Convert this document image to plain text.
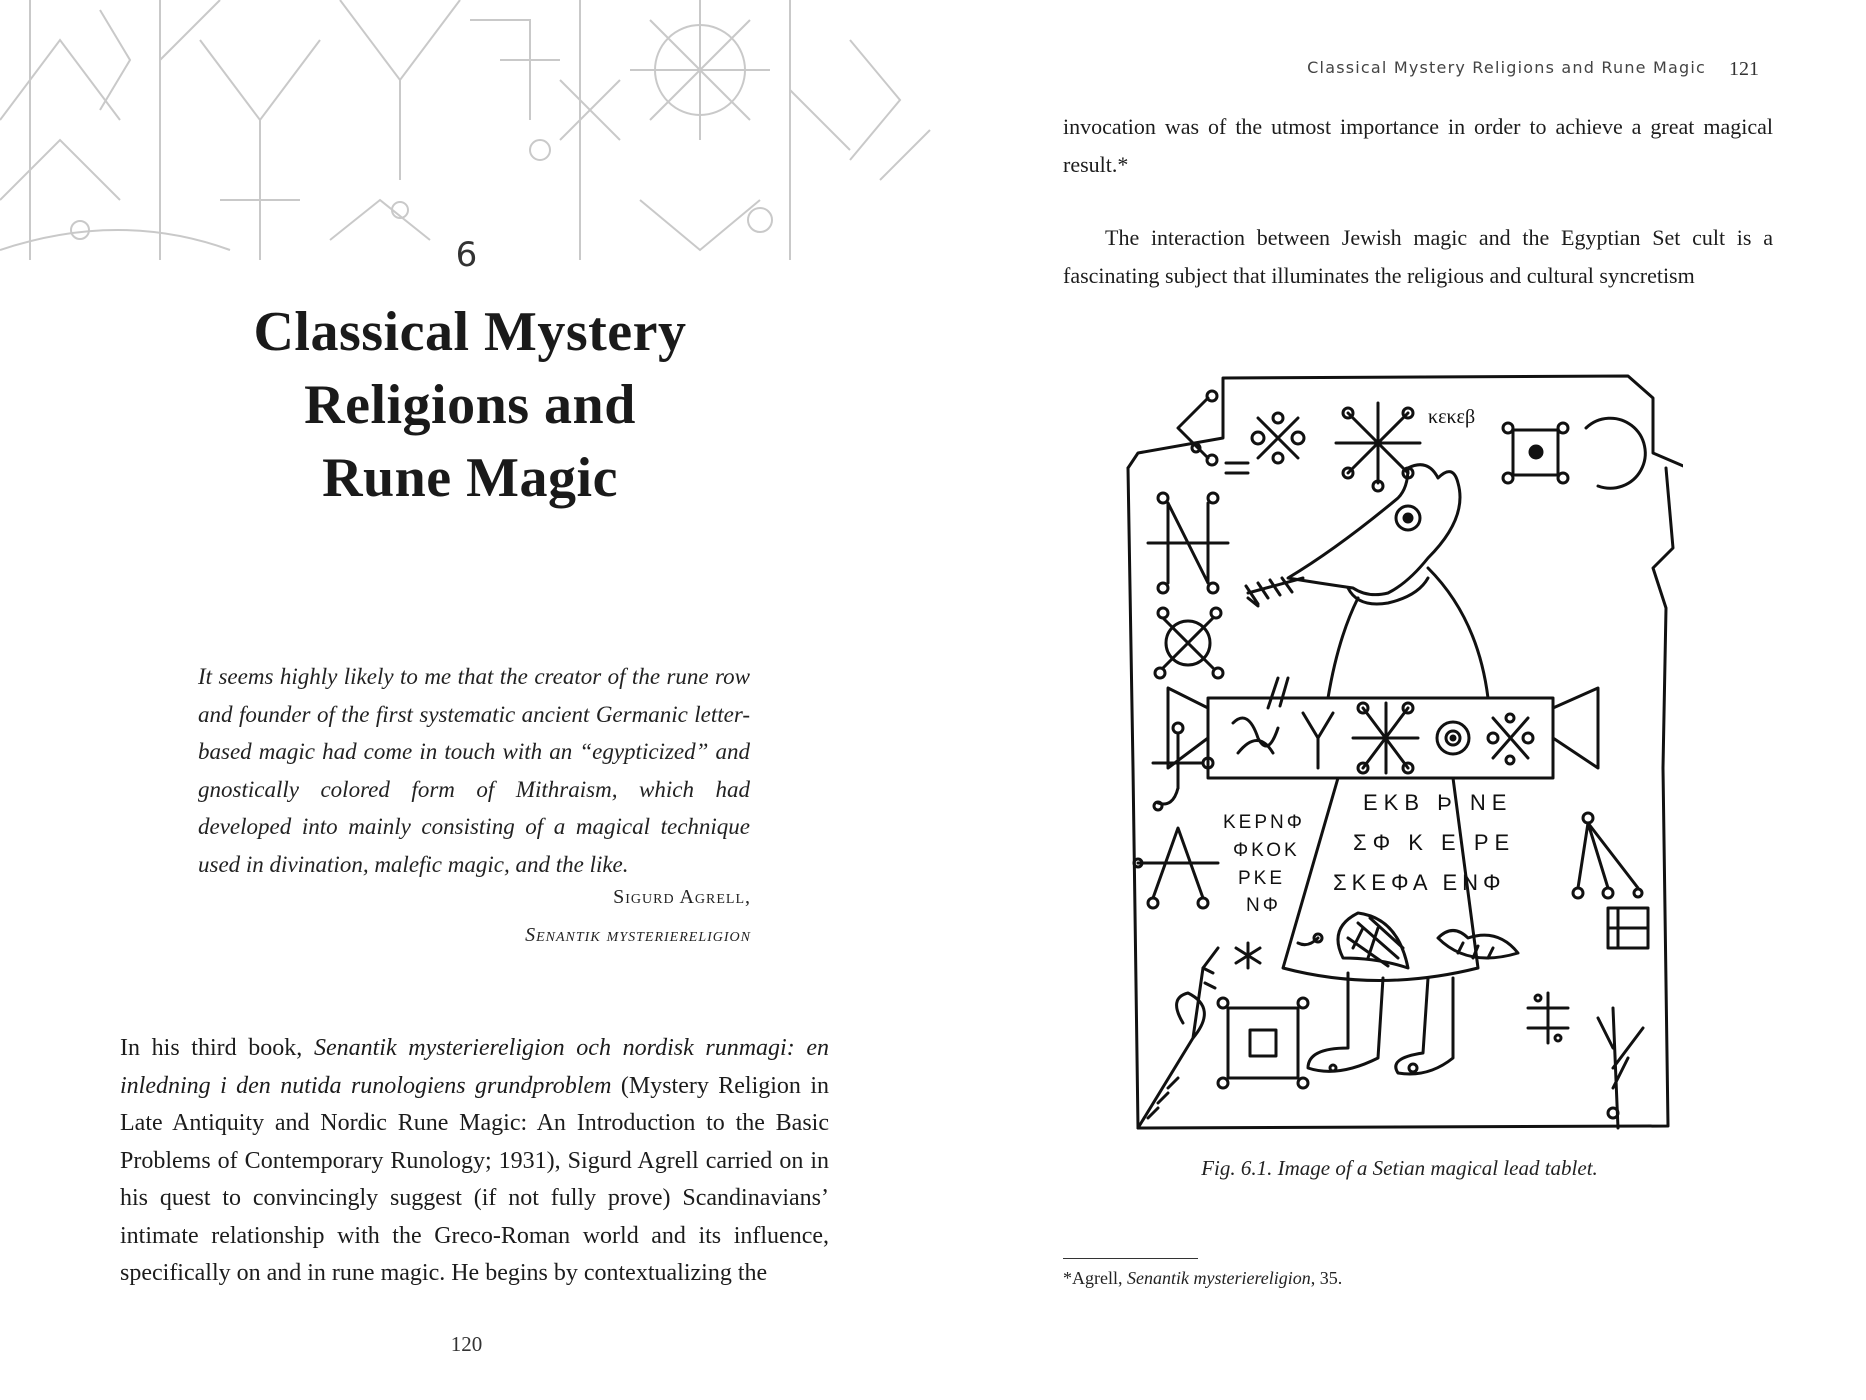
6
Classical Mystery
Religions and
Rune Magic
It seems highly likely to me that the creator of the rune row and founder of the first systematic ancient Germanic letter-based magic had come in touch with an “egypticized” and gnostically colored form of Mithraism, which had developed into mainly consisting of a magical technique used in divination, malefic magic, and the like.
Sigurd Agrell,
Senantik mysteriereligion

In his third book, Senantik mysteriereligion och nordisk runmagi: en inledning i den nutida runologiens grundproblem (Mystery Religion in Late Antiquity and Nordic Rune Magic: An Introduction to the Basic Problems of Contemporary Runology; 1931), Sigurd Agrell carried on in his quest to convincingly suggest (if not fully prove) Scandinavians’ intimate relationship with the Greco-Roman world and its influence, specifically on and in rune magic. He begins by contextualizing the

120
Classical Mystery Religions and Rune Magic 121

invocation was of the utmost importance in order to achieve a great magical result.*

The interaction between Jewish magic and the Egyptian Set cult is a fascinating subject that illuminates the religious and cultural syncretism

κεκεβ
ΚΕΡΝΦ
ΦΚΟΚ
ΡΚΕ
ΝΦ
ΕΚΒ Þ ΝΕ
ΣΦ Κ Ε ΡΕ
ΣΚΕΦΑ ΕΝΦ
Fig. 6.1. Image of a Setian magical lead tablet.
*Agrell, Senantik mysteriereligion, 35.
